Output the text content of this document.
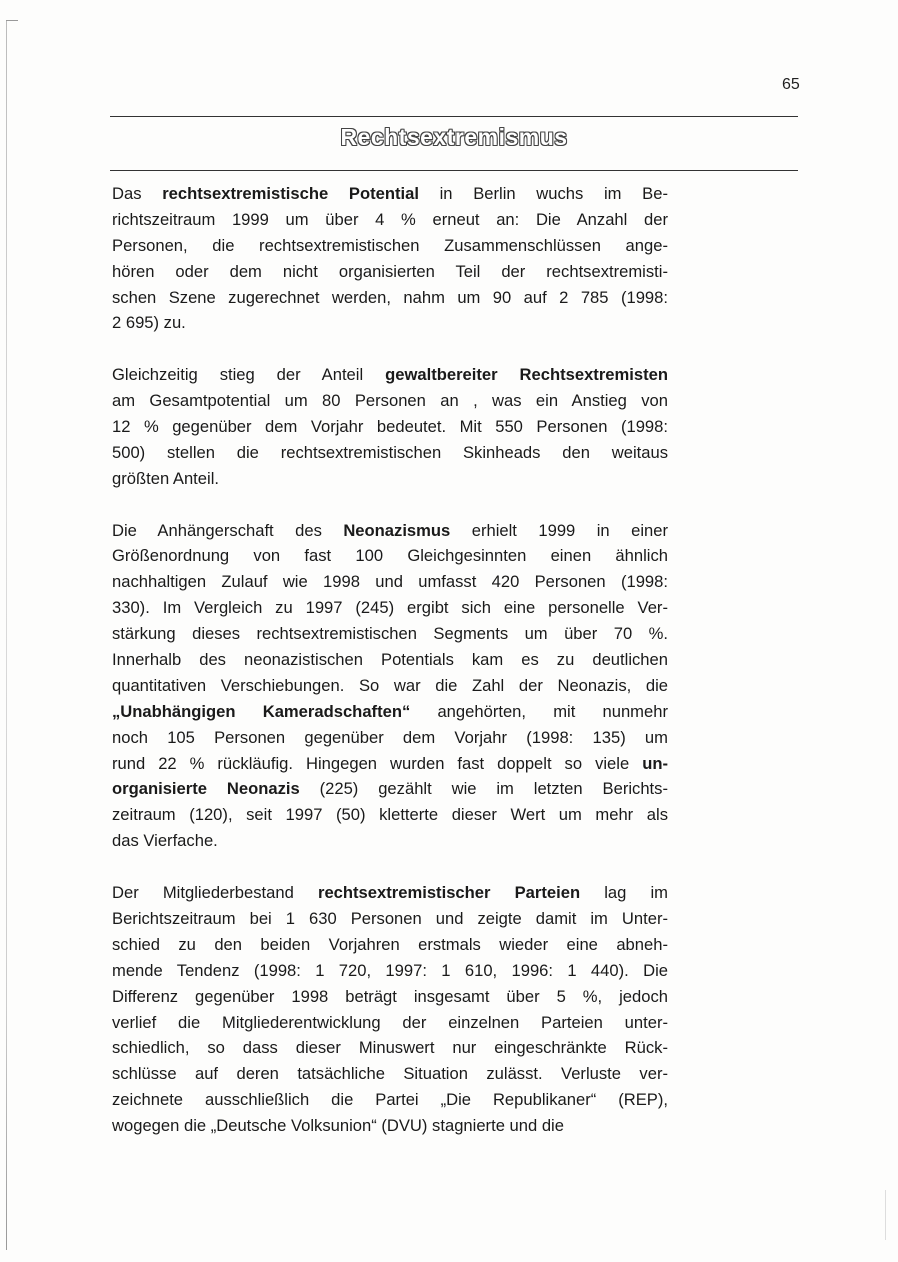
65
Rechtsextremismus
Das rechtsextremistische Potential in Berlin wuchs im Be-
richtszeitraum 1999 um über 4 % erneut an: Die Anzahl der
Personen, die rechtsextremistischen Zusammenschlüssen ange-
hören oder dem nicht organisierten Teil der rechtsextremisti-
schen Szene zugerechnet werden, nahm um 90 auf 2 785 (1998:
2 695) zu.
Gleichzeitig stieg der Anteil gewaltbereiter Rechtsextremisten
am Gesamtpotential um 80 Personen an , was ein Anstieg von
12 % gegenüber dem Vorjahr bedeutet. Mit 550 Personen (1998:
500) stellen die rechtsextremistischen Skinheads den weitaus
größten Anteil.
Die Anhängerschaft des Neonazismus erhielt 1999 in einer
Größenordnung von fast 100 Gleichgesinnten einen ähnlich
nachhaltigen Zulauf wie 1998 und umfasst 420 Personen (1998:
330). Im Vergleich zu 1997 (245) ergibt sich eine personelle Ver-
stärkung dieses rechtsextremistischen Segments um über 70 %.
Innerhalb des neonazistischen Potentials kam es zu deutlichen
quantitativen Verschiebungen. So war die Zahl der Neonazis, die
„Unabhängigen Kameradschaften“ angehörten, mit nunmehr
noch 105 Personen gegenüber dem Vorjahr (1998: 135) um
rund 22 % rückläufig. Hingegen wurden fast doppelt so viele un-
organisierte Neonazis (225) gezählt wie im letzten Berichts-
zeitraum (120), seit 1997 (50) kletterte dieser Wert um mehr als
das Vierfache.
Der Mitgliederbestand rechtsextremistischer Parteien lag im
Berichtszeitraum bei 1 630 Personen und zeigte damit im Unter-
schied zu den beiden Vorjahren erstmals wieder eine abneh-
mende Tendenz (1998: 1 720, 1997: 1 610, 1996: 1 440). Die
Differenz gegenüber 1998 beträgt insgesamt über 5 %, jedoch
verlief die Mitgliederentwicklung der einzelnen Parteien unter-
schiedlich, so dass dieser Minuswert nur eingeschränkte Rück-
schlüsse auf deren tatsächliche Situation zulässt. Verluste ver-
zeichnete ausschließlich die Partei „Die Republikaner“ (REP),
wogegen die „Deutsche Volksunion“ (DVU) stagnierte und die
